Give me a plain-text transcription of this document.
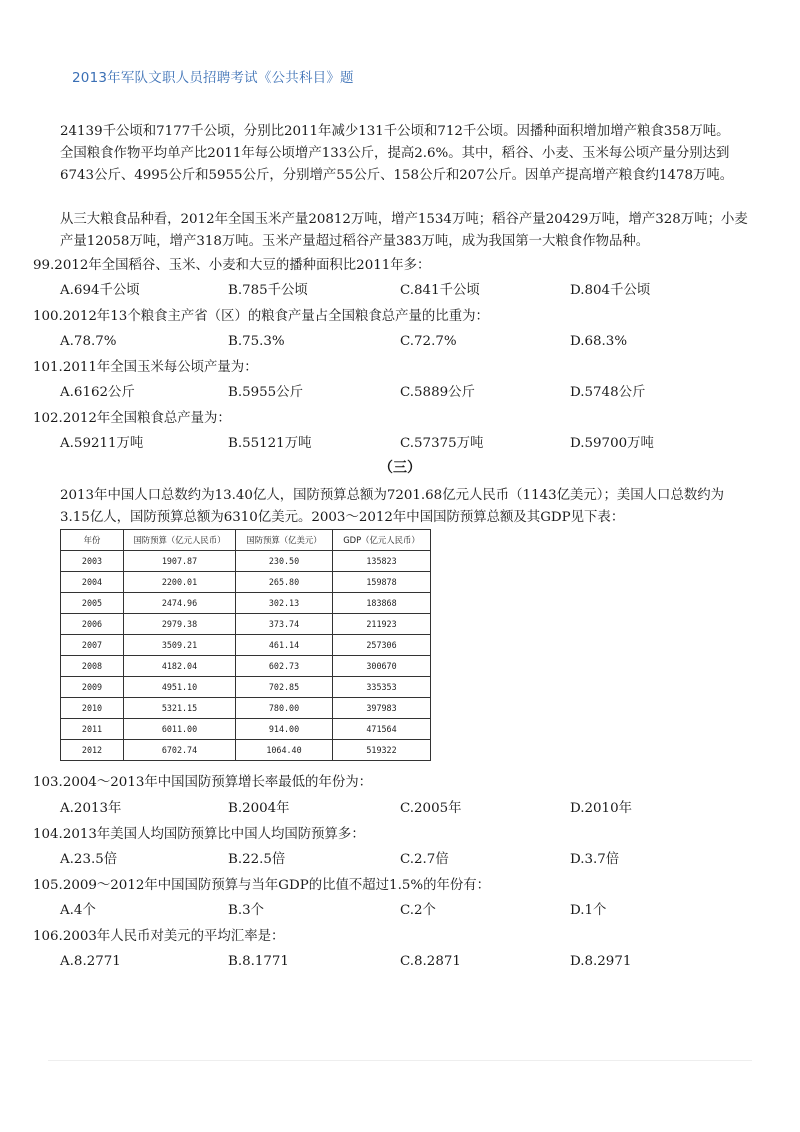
2013年军队文职人员招聘考试《公共科目》题

24139千公顷和7177千公顷，分别比2011年减少131千公顷和712千公顷。因播种面积增加增产粮食358万吨。

全国粮食作物平均单产比2011年每公顷增产133公斤，提高2.6%。其中，稻谷、小麦、玉米每公顷产量分别达到6743公斤、4995公斤和5955公斤，分别增产55公斤、158公斤和207公斤。因单产提高增产粮食约1478万吨。

从三大粮食品种看，2012年全国玉米产量20812万吨，增产1534万吨；稻谷产量20429万吨，增产328万吨；小麦产量12058万吨，增产318万吨。玉米产量超过稻谷产量383万吨，成为我国第一大粮食作物品种。

99.2012年全国稻谷、玉米、小麦和大豆的播种面积比2011年多：
A.694千公顷	B.785千公顷	C.841千公顷	D.804千公顷
100.2012年13个粮食主产省（区）的粮食产量占全国粮食总产量的比重为：
A.78.7%	B.75.3%	C.72.7%	D.68.3%
101.2011年全国玉米每公顷产量为：
A.6162公斤	B.5955公斤	C.5889公斤	D.5748公斤
102.2012年全国粮食总产量为：
A.59211万吨	B.55121万吨	C.57375万吨	D.59700万吨
（三）

2013年中国人口总数约为13.40亿人，国防预算总额为7201.68亿元人民币（1143亿美元）；美国人口总数约为3.15亿人，国防预算总额为6310亿美元。2003～2012年中国国防预算总额及其GDP见下表：

年份	国防预算（亿元人民币）	国防预算（亿美元）	GDP（亿元人民币）
2003	1907.87	230.50	135823
2004	2200.01	265.80	159878
2005	2474.96	302.13	183868
2006	2979.38	373.74	211923
2007	3509.21	461.14	257306
2008	4182.04	602.73	300670
2009	4951.10	702.85	335353
2010	5321.15	780.00	397983
2011	6011.00	914.00	471564
2012	6702.74	1064.40	519322
103.2004～2013年中国国防预算增长率最低的年份为：
A.2013年	B.2004年	C.2005年	D.2010年
104.2013年美国人均国防预算比中国人均国防预算多：
A.23.5倍	B.22.5倍	C.2.7倍	D.3.7倍
105.2009～2012年中国国防预算与当年GDP的比值不超过1.5%的年份有：
A.4个	B.3个	C.2个	D.1个
106.2003年人民币对美元的平均汇率是：
A.8.2771	B.8.1771	C.8.2871	D.8.2971
